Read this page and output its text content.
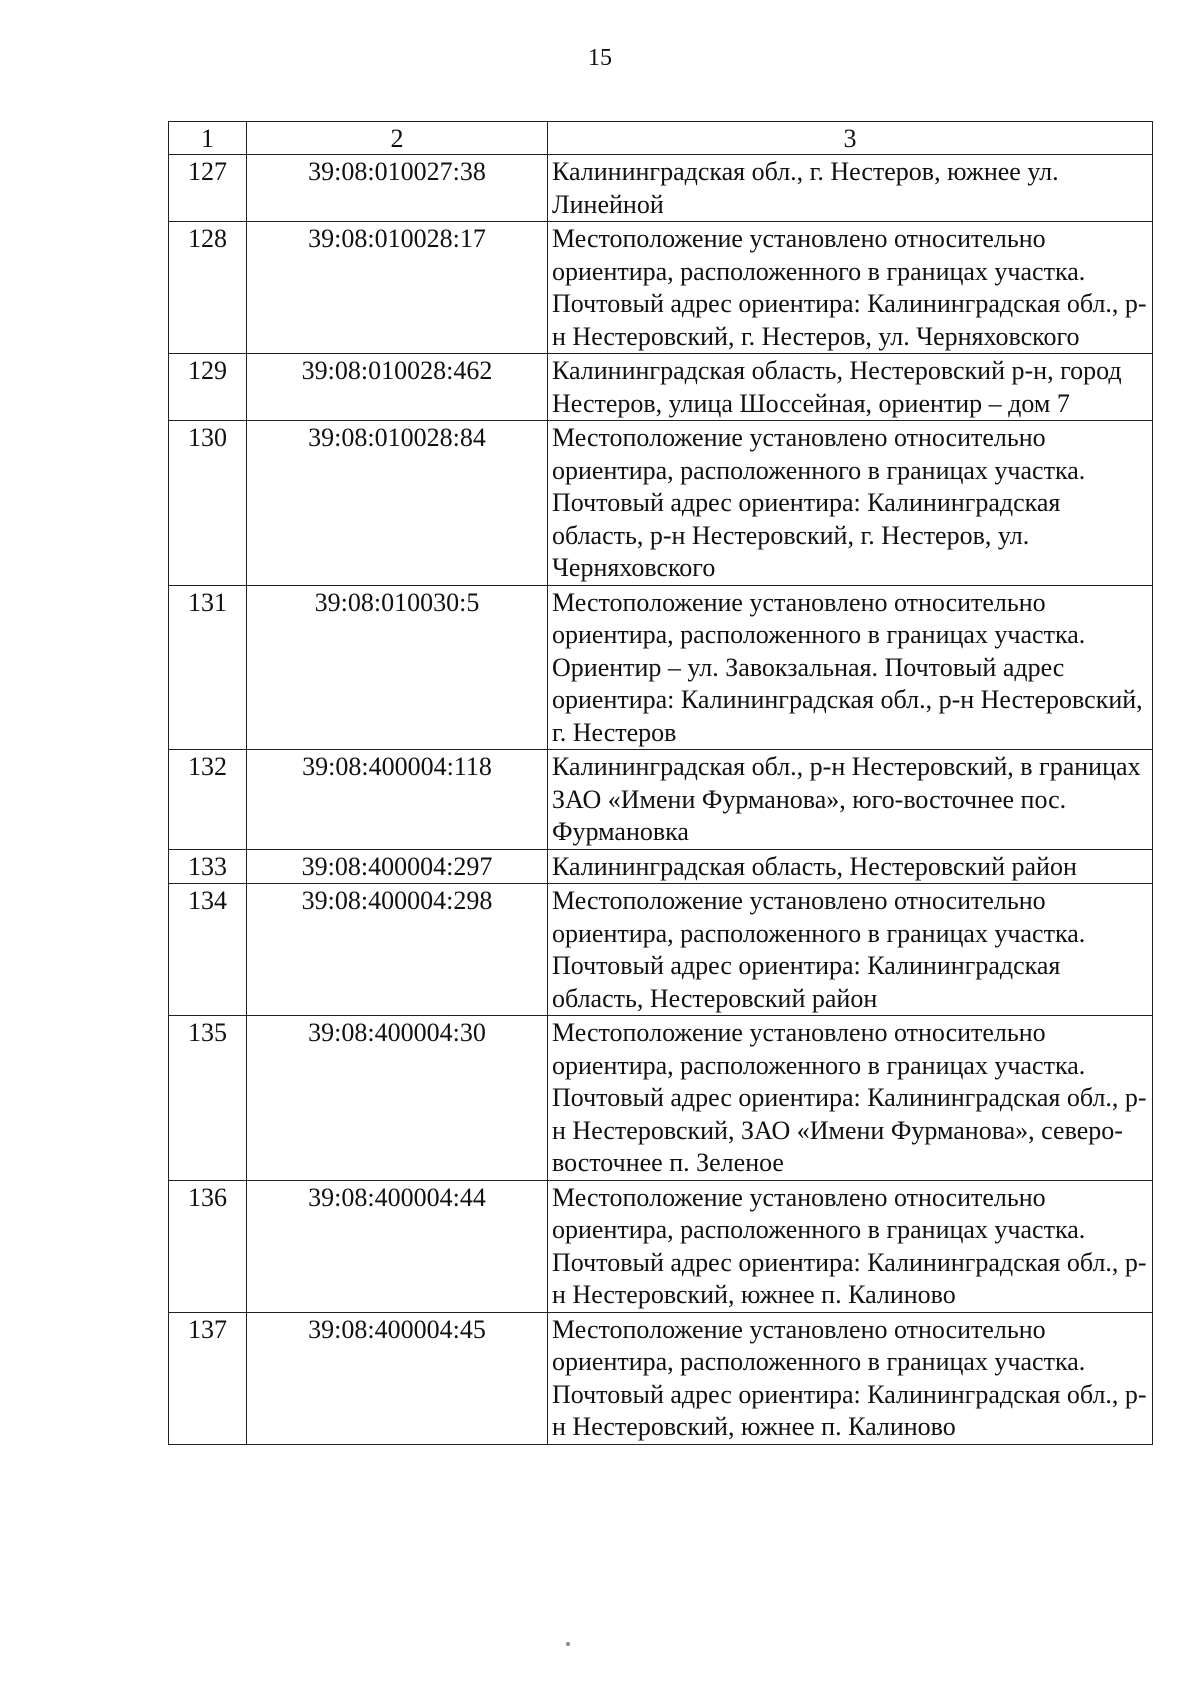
15
1	2	3
127	39:08:010027:38	Калининградская обл., г. Нестеров, южнее ул. Линейной
128	39:08:010028:17	Местоположение установлено относительно ориентира, расположенного в границах участка. Почтовый адрес ориентира: Калининградская обл., р-н Нестеровский, г. Нестеров, ул. Черняховского
129	39:08:010028:462	Калининградская область, Нестеровский р-н, город Нестеров, улица Шоссейная, ориентир – дом 7
130	39:08:010028:84	Местоположение установлено относительно ориентира, расположенного в границах участка. Почтовый адрес ориентира: Калининградская область, р-н Нестеровский, г. Нестеров, ул. Черняховского
131	39:08:010030:5	Местоположение установлено относительно ориентира, расположенного в границах участка. Ориентир – ул. Завокзальная. Почтовый адрес ориентира: Калининградская обл., р-н Нестеровский, г. Нестеров
132	39:08:400004:118	Калининградская обл., р-н Нестеровский, в границах ЗАО «Имени Фурманова», юго-восточнее пос. Фурмановка
133	39:08:400004:297	Калининградская область, Нестеровский район
134	39:08:400004:298	Местоположение установлено относительно ориентира, расположенного в границах участка. Почтовый адрес ориентира: Калининградская область, Нестеровский район
135	39:08:400004:30	Местоположение установлено относительно ориентира, расположенного в границах участка. Почтовый адрес ориентира: Калининградская обл., р-н Нестеровский, ЗАО «Имени Фурманова», северо-восточнее п. Зеленое
136	39:08:400004:44	Местоположение установлено относительно ориентира, расположенного в границах участка. Почтовый адрес ориентира: Калининградская обл., р-н Нестеровский, южнее п. Калиново
137	39:08:400004:45	Местоположение установлено относительно ориентира, расположенного в границах участка. Почтовый адрес ориентира: Калининградская обл., р-н Нестеровский, южнее п. Калиново
